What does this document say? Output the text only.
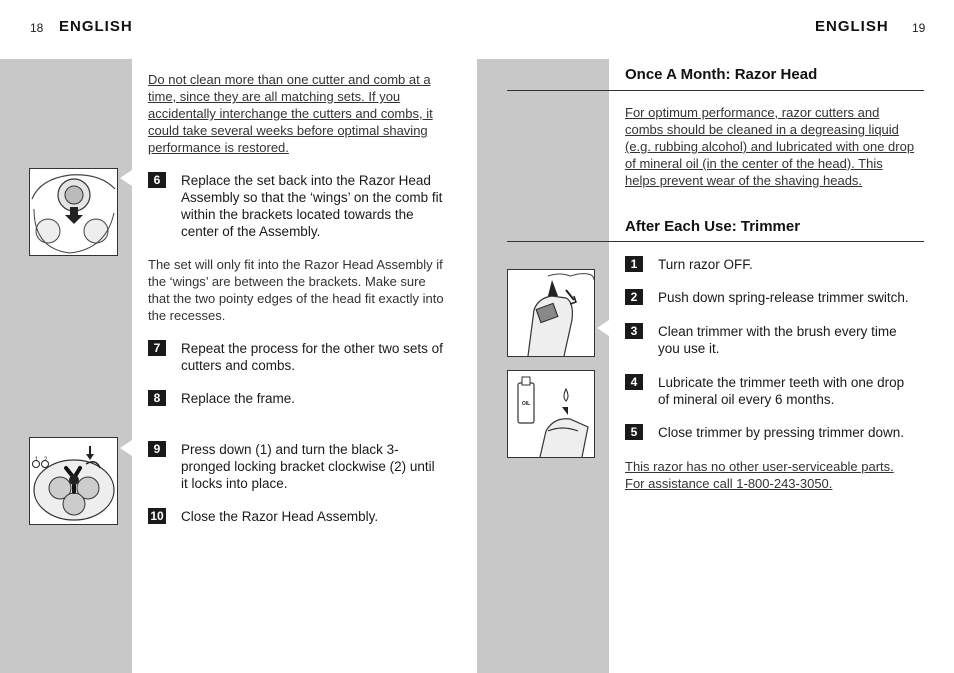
18 ENGLISH
1 2

Do not clean more than one cutter and comb at a time, since they are all matching sets. If you accidentally interchange the cutters and combs, it could take several weeks before optimal shaving performance is restored.

6	Replace the set back into the Razor Head Assembly so that the ‘wings’ on the comb fit within the brackets located towards the center of the Assembly.

The set will only fit into the Razor Head Assembly if the ‘wings’ are between the brackets. Make sure that the two pointy edges of the head fit exactly into the recesses.

7	Repeat the process for the other two sets of cutters and combs.
8	Replace the frame.
9	Press down (1) and turn the black 3-pronged locking bracket clockwise (2) until it locks into place.
10 Close the Razor Head Assembly.
ENGLISH 19
Once A Month: Razor Head

For optimum performance, razor cutters and combs should be cleaned in a degreasing liquid (e.g. rubbing alcohol) and lubricated with one drop of mineral oil (in the center of the head). This helps prevent wear of the shaving heads.

After Each Use: Trimmer
OIL
1	Turn razor OFF.
2	Push down spring-release trimmer switch.
3	Clean trimmer with the brush every time you use it.
4	Lubricate the trimmer teeth with one drop of mineral oil every 6 months.
5	Close trimmer by pressing trimmer down.

This razor has no other user-serviceable parts. For assistance call 1-800-243-3050.
